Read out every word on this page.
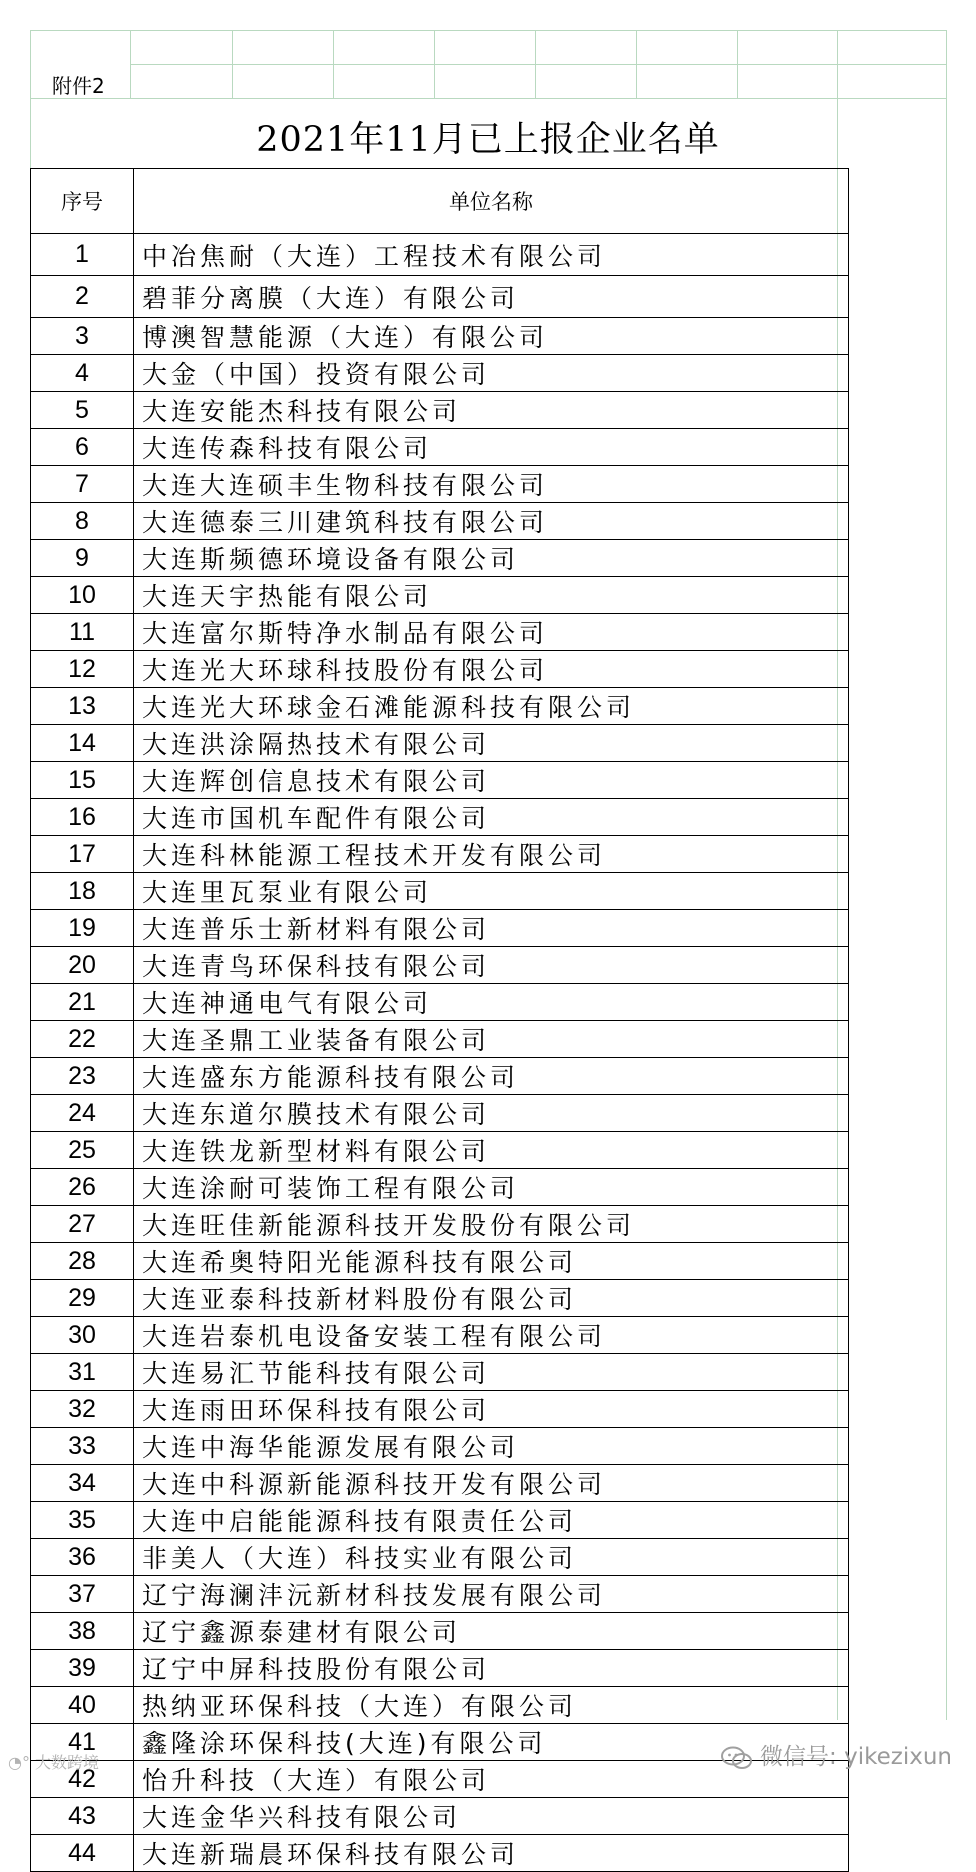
附件2
2021年11月已上报企业名单
序号	单位名称
1	中冶焦耐（大连）工程技术有限公司
2	碧菲分离膜（大连）有限公司
3	博澳智慧能源（大连）有限公司
4	大金（中国）投资有限公司
5	大连安能杰科技有限公司
6	大连传森科技有限公司
7	大连大连硕丰生物科技有限公司
8	大连德泰三川建筑科技有限公司
9	大连斯频德环境设备有限公司
10	大连天宇热能有限公司
11	大连富尔斯特净水制品有限公司
12	大连光大环球科技股份有限公司
13	大连光大环球金石滩能源科技有限公司
14	大连洪涂隔热技术有限公司
15	大连辉创信息技术有限公司
16	大连市国机车配件有限公司
17	大连科林能源工程技术开发有限公司
18	大连里瓦泵业有限公司
19	大连普乐士新材料有限公司
20	大连青鸟环保科技有限公司
21	大连神通电气有限公司
22	大连圣鼎工业装备有限公司
23	大连盛东方能源科技有限公司
24	大连东道尔膜技术有限公司
25	大连铁龙新型材料有限公司
26	大连涂耐可装饰工程有限公司
27	大连旺佳新能源科技开发股份有限公司
28	大连希奥特阳光能源科技有限公司
29	大连亚泰科技新材料股份有限公司
30	大连岩泰机电设备安装工程有限公司
31	大连易汇节能科技有限公司
32	大连雨田环保科技有限公司
33	大连中海华能源发展有限公司
34	大连中科源新能源科技开发有限公司
35	大连中启能能源科技有限责任公司
36	非美人（大连）科技实业有限公司
37	辽宁海澜沣沅新材科技发展有限公司
38	辽宁鑫源泰建材有限公司
39	辽宁中屏科技股份有限公司
40	热纳亚环保科技（大连）有限公司
41	鑫隆涂环保科技(大连)有限公司
42	怡升科技（大连）有限公司
43	大连金华兴科技有限公司
44	大连新瑞晨环保科技有限公司
微信号: yikezixun
◔° 大数跨境
